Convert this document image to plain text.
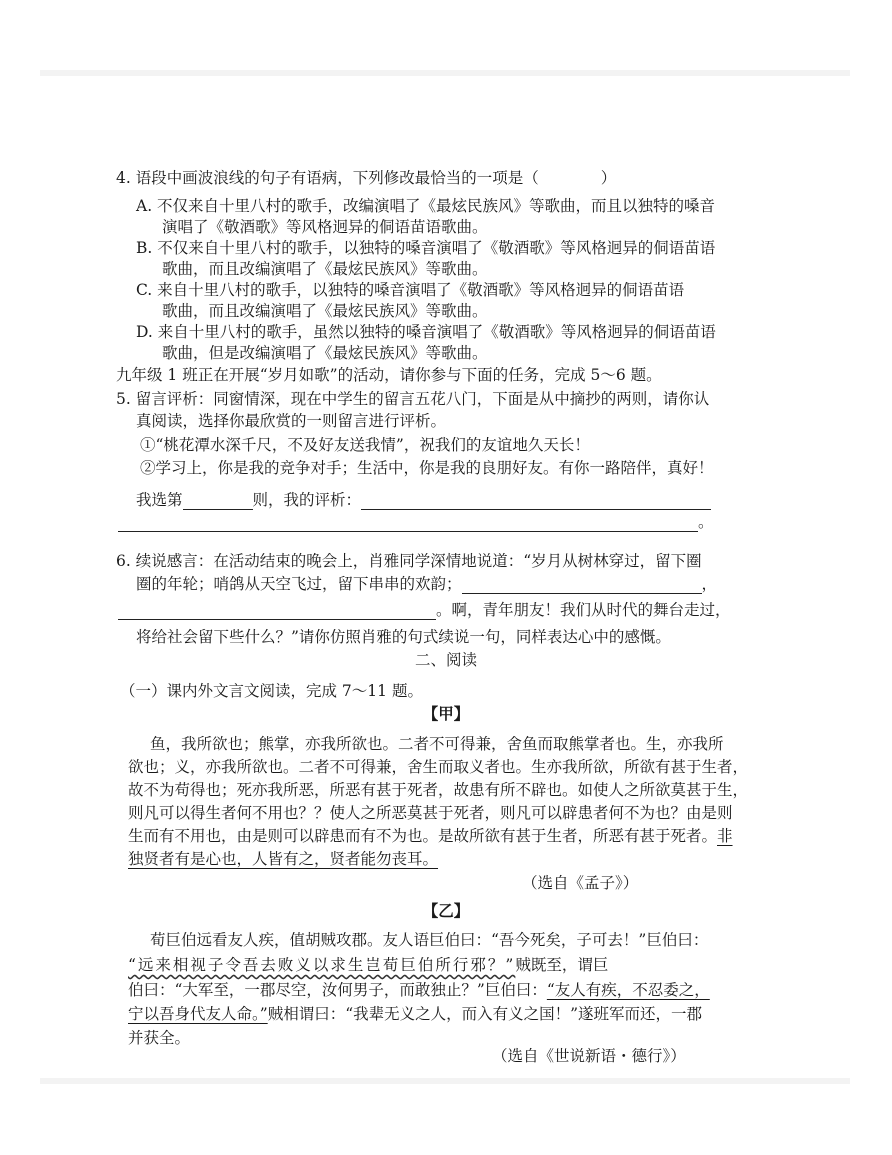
4. 语段中画波浪线的句子有语病，下列修改最恰当的一项是（　　　　）
A. 不仅来自十里八村的歌手，改编演唱了《最炫民族风》等歌曲，而且以独特的嗓音
演唱了《敬酒歌》等风格迥异的侗语苗语歌曲。
B. 不仅来自十里八村的歌手，以独特的嗓音演唱了《敬酒歌》等风格迥异的侗语苗语
歌曲，而且改编演唱了《最炫民族风》等歌曲。
C. 来自十里八村的歌手，以独特的嗓音演唱了《敬酒歌》等风格迥异的侗语苗语
歌曲，而且改编演唱了《最炫民族风》等歌曲。
D. 来自十里八村的歌手，虽然以独特的嗓音演唱了《敬酒歌》等风格迥异的侗语苗语
歌曲，但是改编演唱了《最炫民族风》等歌曲。
九年级 1 班正在开展“岁月如歌”的活动，请你参与下面的任务，完成 5～6 题。
5. 留言评析：同窗情深，现在中学生的留言五花八门，下面是从中摘抄的两则，请你认
真阅读，选择你最欣赏的一则留言进行评析。
①“桃花潭水深千尺，不及好友送我情”，祝我们的友谊地久天长！
②学习上，你是我的竞争对手；生活中，你是我的良朋好友。有你一路陪伴，真好！
我选第	则，我的评析：
。
6. 续说感言：在活动结束的晚会上，肖雅同学深情地说道：“岁月从树林穿过，留下圈
圈的年轮；哨鸽从天空飞过，留下串串的欢韵；	，
。啊，青年朋友！我们从时代的舞台走过，
将给社会留下些什么？”请你仿照肖雅的句式续说一句，同样表达心中的感慨。
二、阅读
（一）课内外文言文阅读，完成 7～11 题。
【甲】
鱼，我所欲也；熊掌，亦我所欲也。二者不可得兼，舍鱼而取熊掌者也。生，亦我所
欲也；义，亦我所欲也。二者不可得兼，舍生而取义者也。生亦我所欲，所欲有甚于生者，
故不为苟得也；死亦我所恶，所恶有甚于死者，故患有所不辟也。如使人之所欲莫甚于生，
则凡可以得生者何不用也？？使人之所恶莫甚于死者，则凡可以辟患者何不为也？由是则
生而有不用也，由是则可以辟患而有不为也。是故所欲有甚于生者，所恶有甚于死者。非
独贤者有是心也，人皆有之，贤者能勿丧耳。
（选自《孟子》）
【乙】
荀巨伯远看友人疾，值胡贼攻郡。友人语巨伯曰：“吾今死矣，子可去！”巨伯曰：
“远来相视子令吾去败义以求生岂荀巨伯所行邪？”贼既至，谓巨
伯曰：“大军至，一郡尽空，汝何男子，而敢独止？”巨伯曰：“友人有疾，不忍委之，
宁以吾身代友人命。”贼相谓曰：“我辈无义之人，而入有义之国！”遂班军而还，一郡
并获全。
（选自《世说新语・德行》）
